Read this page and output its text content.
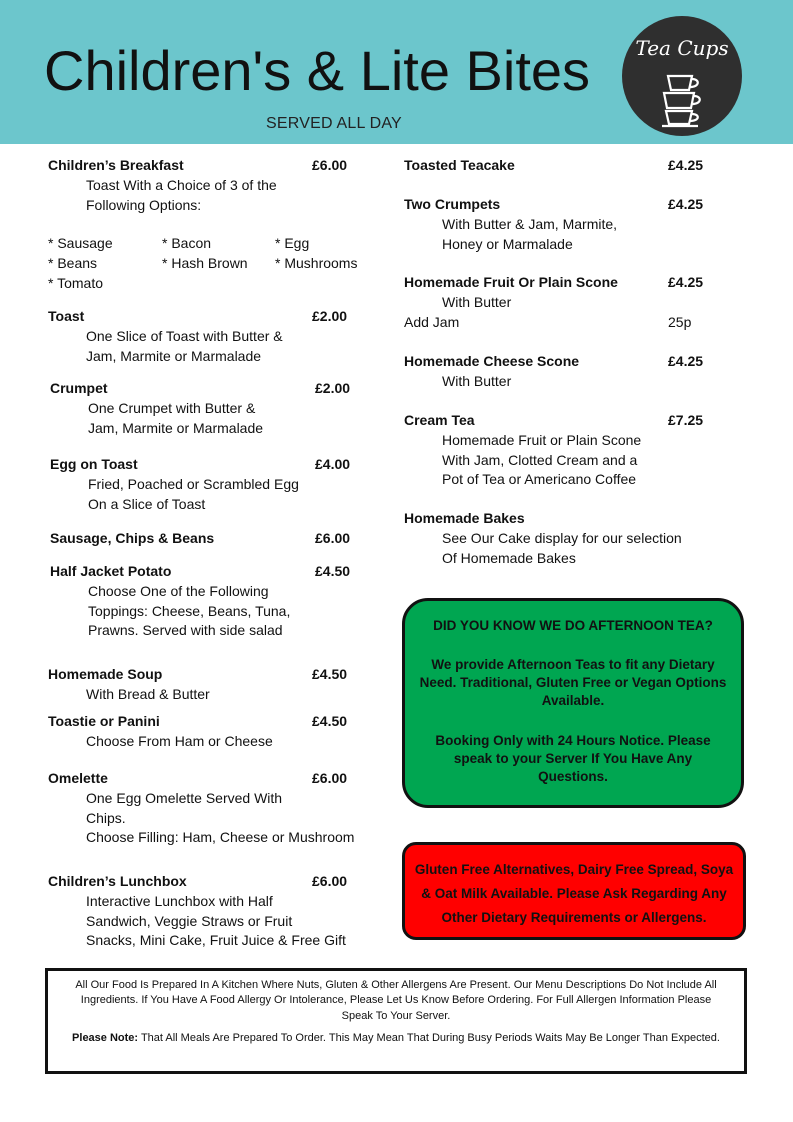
Children's & Lite Bites
SERVED ALL DAY
Tea Cups
Children’s Breakfast	£6.00
Toast With a Choice of 3 of the
Following Options:
* Sausage	* Bacon	* Egg
* Beans	* Hash Brown * Mushrooms
* Tomato
Toast	£2.00
One Slice of Toast with Butter &
Jam, Marmite or Marmalade
Crumpet	£2.00
One Crumpet with Butter &
Jam, Marmite or Marmalade
Egg on Toast	£4.00
Fried, Poached or Scrambled Egg
On a Slice of Toast
Sausage, Chips & Beans	£6.00
Half Jacket Potato	£4.50
Choose One of the Following
Toppings: Cheese, Beans, Tuna,
Prawns. Served with side salad
Homemade Soup	£4.50
With Bread & Butter
Toastie or Panini	£4.50
Choose From Ham or Cheese
Omelette	£6.00
One Egg Omelette Served With
Chips.
Choose Filling: Ham, Cheese or Mushroom
Children’s Lunchbox	£6.00
Interactive Lunchbox with Half
Sandwich, Veggie Straws or Fruit
Snacks, Mini Cake, Fruit Juice & Free Gift
Toasted Teacake	£4.25
Two Crumpets	£4.25
With Butter & Jam, Marmite,
Honey or Marmalade
Homemade Fruit Or Plain Scone	£4.25
With Butter
Add Jam	25p
Homemade Cheese Scone	£4.25
With Butter
Cream Tea	£7.25
Homemade Fruit or Plain Scone
With Jam, Clotted Cream and a
Pot of Tea or Americano Coffee
Homemade Bakes
See Our Cake display for our selection
Of Homemade Bakes
DID YOU KNOW WE DO AFTERNOON TEA?
We provide Afternoon Teas to fit any Dietary Need. Traditional, Gluten Free or Vegan Options Available.
Booking Only with 24 Hours Notice. Please speak to your Server If You Have Any Questions.
Gluten Free Alternatives, Dairy Free Spread, Soya & Oat Milk Available. Please Ask Regarding Any Other Dietary Requirements or Allergens.
All Our Food Is Prepared In A Kitchen Where Nuts, Gluten & Other Allergens Are Present. Our Menu Descriptions Do Not Include All Ingredients. If You Have A Food Allergy Or Intolerance, Please Let Us Know Before Ordering. For Full Allergen Information Please Speak To Your Server.
Please Note: That All Meals Are Prepared To Order. This May Mean That During Busy Periods Waits May Be Longer Than Expected.
